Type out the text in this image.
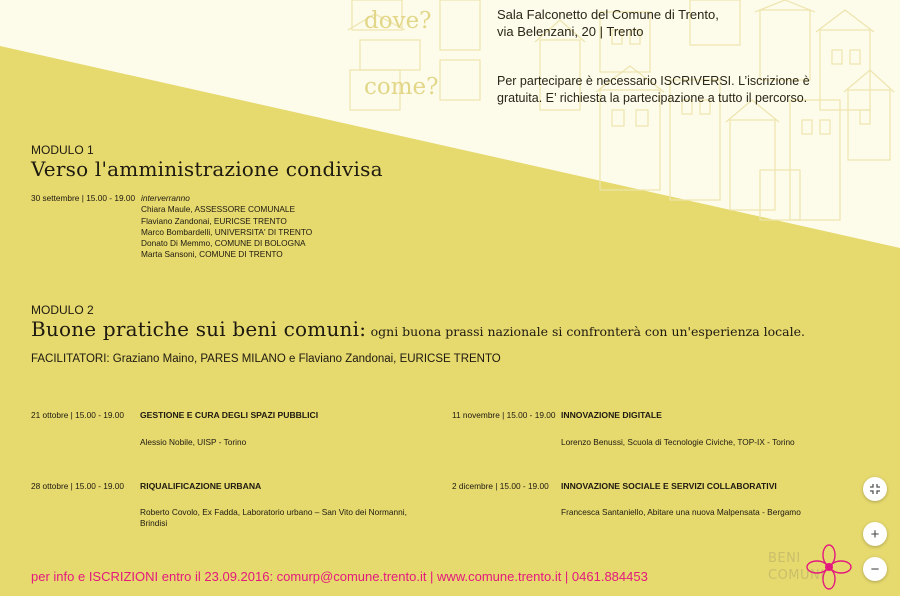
dove?
come?
Sala Falconetto del Comune di Trento,
via Belenzani, 20 | Trento
Per partecipare è necessario ISCRIVERSI. L’iscrizione è
gratuita. E’ richiesta la partecipazione a tutto il percorso.
MODULO 1
Verso l'amministrazione condivisa
30 settembre | 15.00 - 19.00 interverranno
Chiara Maule, ASSESSORE COMUNALE
Flaviano Zandonai, EURICSE TRENTO
Marco Bombardelli, UNIVERSITA' DI TRENTO
Donato Di Memmo, COMUNE DI BOLOGNA
Marta Sansoni, COMUNE DI TRENTO
MODULO 2
Buone pratiche sui beni comuni: ogni buona prassi nazionale si confronterà con un'esperienza locale.
FACILITATORI: Graziano Maino, PARES MILANO e Flaviano Zandonai, EURICSE TRENTO
21 ottobre | 15.00 - 19.00 GESTIONE E CURA DEGLI SPAZI PUBBLICI
Alessio Nobile, UISP - Torino
11 novembre | 15.00 - 19.00 INNOVAZIONE DIGITALE
Lorenzo Benussi, Scuola di Tecnologie Civiche, TOP-IX - Torino
28 ottobre | 15.00 - 19.00 RIQUALIFICAZIONE URBANA
Roberto Covolo, Ex Fadda, Laboratorio urbano – San Vito dei Normanni,
Brindisi
2 dicembre | 15.00 - 19.00 INNOVAZIONE SOCIALE E SERVIZI COLLABORATIVI
Francesca Santaniello, Abitare una nuova Malpensata - Bergamo
per info e ISCRIZIONI entro il 23.09.2016: comurp@comune.trento.it | www.comune.trento.it | 0461.884453
BENI
COMUNI
+
−
